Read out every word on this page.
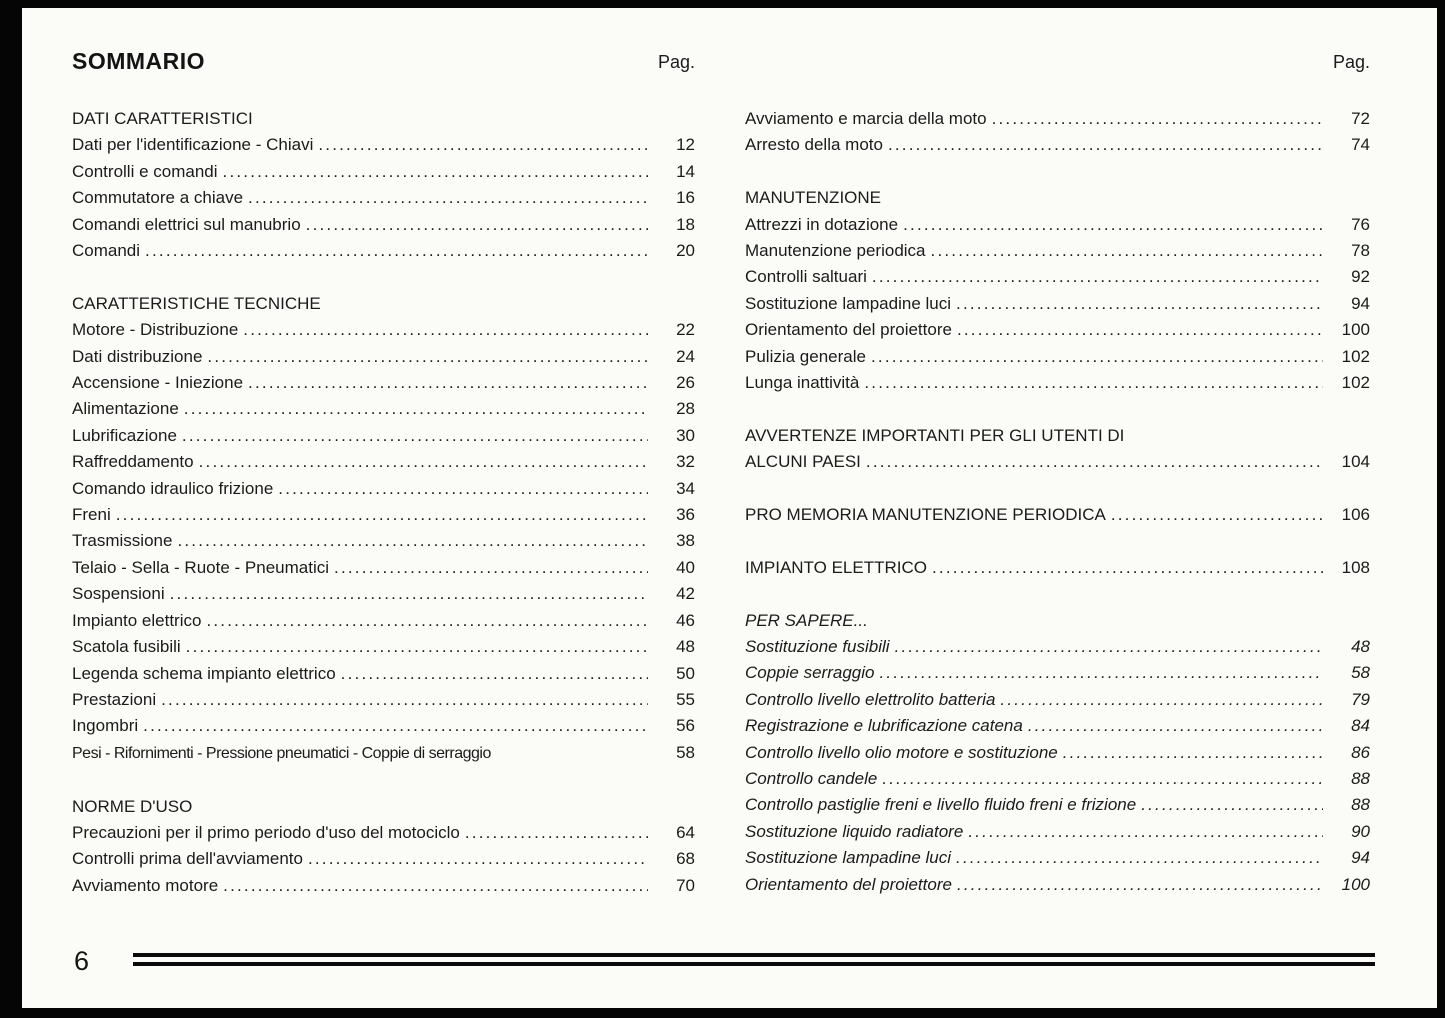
SOMMARIO	Pag.	Pag.
DATI CARATTERISTICI
Dati per l'identificazione - Chiavi .....	12
Controlli e comandi .....	14
Commutatore a chiave .....	16
Comandi elettrici sul manubrio .....	18
Comandi .....	20
CARATTERISTICHE TECNICHE
Motore - Distribuzione .....	22
Dati distribuzione .....	24
Accensione - Iniezione .....	26
Alimentazione .....	28
Lubrificazione .....	30
Raffreddamento .....	32
Comando idraulico frizione .....	34
Freni .....	36
Trasmissione .....	38
Telaio - Sella - Ruote - Pneumatici .....	40
Sospensioni .....	42
Impianto elettrico .....	46
Scatola fusibili .....	48
Legenda schema impianto elettrico .....	50
Prestazioni .....	55
Ingombri .....	56
Pesi - Rifornimenti - Pressione pneumatici - Coppie di serraggio	58
NORME D'USO
Precauzioni per il primo periodo d'uso del motociclo .....	64
Controlli prima dell'avviamento .....	68
Avviamento motore .....	70
Avviamento e marcia della moto .....	72
Arresto della moto .....	74
MANUTENZIONE
Attrezzi in dotazione .....	76
Manutenzione periodica .....	78
Controlli saltuari .....	92
Sostituzione lampadine luci .....	94
Orientamento del proiettore .....	100
Pulizia generale .....	102
Lunga inattività .....	102
AVVERTENZE IMPORTANTI PER GLI UTENTI DI
ALCUNI PAESI .....	104
PRO MEMORIA MANUTENZIONE PERIODICA .....	106
IMPIANTO ELETTRICO .....	108
PER SAPERE...
Sostituzione fusibili .....	48
Coppie serraggio .....	58
Controllo livello elettrolito batteria .....	79
Registrazione e lubrificazione catena .....	84
Controllo livello olio motore e sostituzione .....	86
Controllo candele .....	88
Controllo pastiglie freni e livello fluido freni e frizione .....	88
Sostituzione liquido radiatore .....	90
Sostituzione lampadine luci .....	94
Orientamento del proiettore .....	100
6
